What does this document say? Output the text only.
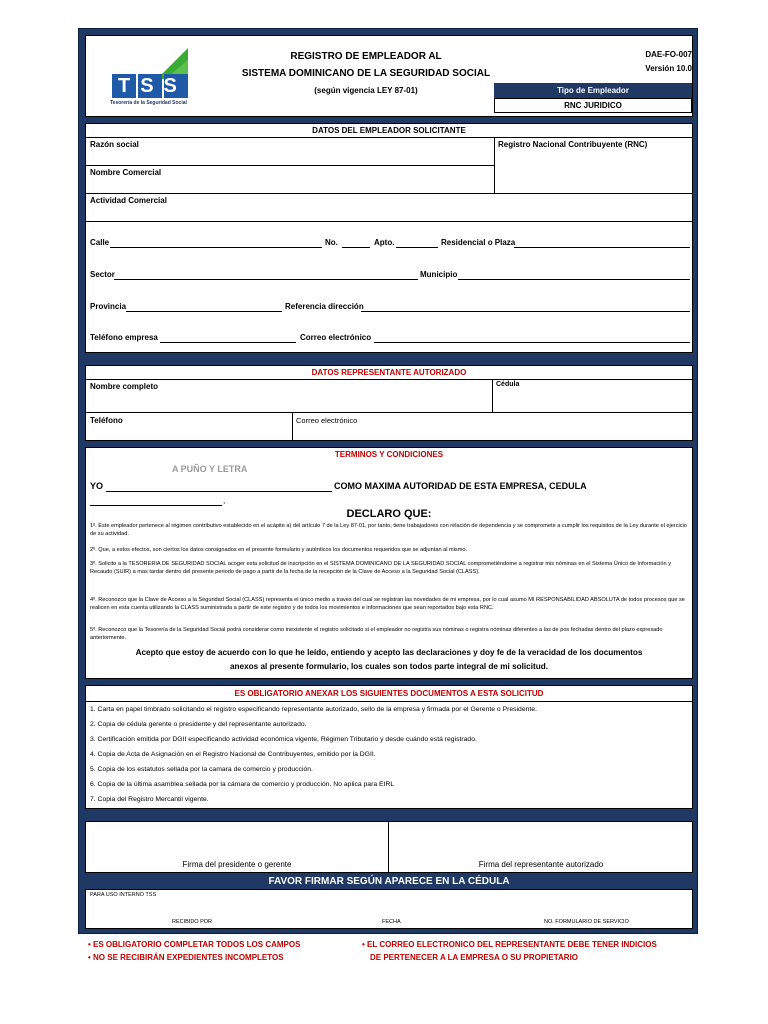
TSS
Tesorería de la Seguridad Social
REGISTRO DE EMPLEADOR AL
SISTEMA DOMINICANO DE LA SEGURIDAD SOCIAL
(según vigencia LEY 87-01)
DAE-FO-007
Versión 10.0
Tipo de Empleador
RNC JURIDICO
DATOS DEL EMPLEADOR SOLICITANTE
Razón social	Registro Nacional Contribuyente (RNC)
Nombre Comercial
Actividad Comercial
Calle	No.	Apto.	Residencial o Plaza
Sector	Municipio
Provincia	Referencia dirección
Teléfono empresa	Correo electrónico
DATOS REPRESENTANTE AUTORIZADO
Nombre completo	Cédula
Teléfono	Correo electrónico
TERMINOS Y CONDICIONES
A PUÑO Y LETRA
YO	COMO MAXIMA AUTORIDAD DE ESTA EMPRESA, CEDULA
,
DECLARO QUE:
1º. Este empleador pertenece al régimen contributivo establecido en el acápite a) del artículo 7 de la Ley 87-01, por tanto, tiene trabajadores con relación de dependencia y se compromete a cumplir los requisitos de la Ley durante el ejercicio de su actividad.
2º. Que, a estos efectos, son ciertos los datos consignados en el presente formulario y auténticos los documentos requeridos que se adjuntan al mismo.
3º. Solicito a la TESORERIA DE SEGURIDAD SOCIAL acoger esta solicitud de inscripción en el SISTEMA DOMINICANO DE LA SEGURIDAD SOCIAL comprometiéndome a registrar mis nóminas en el Sistema Único de Información y Recaudo (SUIR) a mas tardar dentro del presente periodo de pago a partir de la fecha de la recepción de la Clave de Acceso a la Seguridad Social (CLASS).
4º. Reconozco que la Clave de Acceso a la Seguridad Social (CLASS) representa el único medio a traves del cual se registran las novedades de mi empresa, por lo cual asumo MI RESPONSABILIDAD ABSOLUTA de todos procesos que se realicen en esta cuenta utilizando la CLASS suministrada a partir de este registro y de todos los movimientos e informaciones que sean reportados bajo esta RNC.
5º. Reconozco que la Tesorería de la Seguridad Social podrá considerar como inexistente el registro solicitado si el empleador no registra sus nóminas o registra nóminas diferentes a las de pos fechadas dentro del plazo expresado anteriormente.
Acepto que estoy de acuerdo con lo que he leído, entiendo y acepto las declaraciones y doy fe de la veracidad de los documentos
anexos al presente formulario, los cuales son todos parte integral de mi solicitud.
ES OBLIGATORIO ANEXAR LOS SIGUIENTES DOCUMENTOS A ESTA SOLICITUD
1. Carta en papel timbrado solicitando el registro especificando representante autorizado, sello de la empresa y firmada por el Gerente o Presidente.
2. Copia de cédula gerente o presidente y del representante autorizado.
3. Certificación emitida por DGII especificando actividad económica vigente, Régimen Tributario y desde cuándo está registrado.
4. Copia de Acta de Asignación en el Registro Nacional de Contribuyentes, emitido por la DGII.
5. Copia de los estatutos sellada por la camara de comercio y producción.
6. Copia de la última asamblea sellada por la cámara de comercio y producción. No aplica para EIRL
7. Copia del Registro Mercantil vigente.
Firma del presidente o gerente	Firma del representante autorizado
FAVOR FIRMAR SEGÚN APARECE EN LA CÉDULA
PARA USO INTERNO TSS
RECIBIDO POR	FECHA	NO. FORMULARIO DE SERVICIO
• ES OBLIGATORIO COMPLETAR TODOS LOS CAMPOS
• NO SE RECIBIRÁN EXPEDIENTES INCOMPLETOS
• EL CORREO ELECTRONICO DEL REPRESENTANTE DEBE TENER INDICIOS
DE PERTENECER A LA EMPRESA O SU PROPIETARIO
